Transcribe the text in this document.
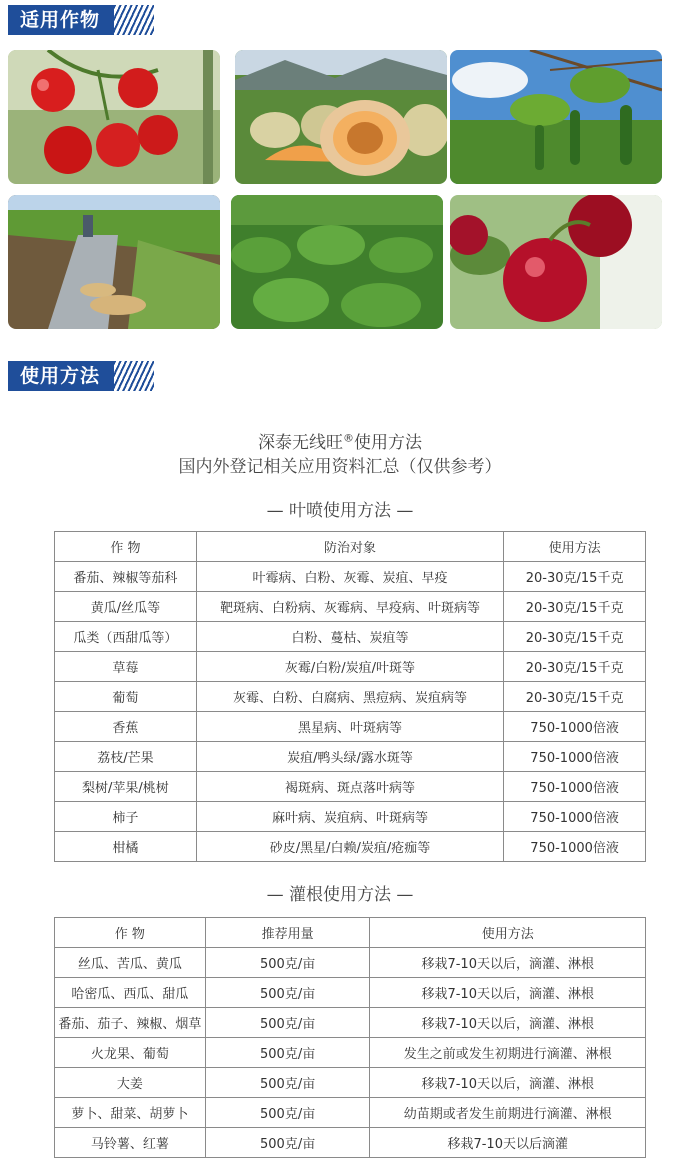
适用作物
使用方法
深泰无线旺®使用方法
国内外登记相关应用资料汇总（仅供参考）
— 叶喷使用方法 —
作 物	防治对象	使用方法
番茄、辣椒等茄科	叶霉病、白粉、灰霉、炭疽、早疫	20-30克/15千克
黄瓜/丝瓜等	靶斑病、白粉病、灰霉病、早疫病、叶斑病等	20-30克/15千克
瓜类（西甜瓜等）	白粉、蔓枯、炭疽等	20-30克/15千克
草莓	灰霉/白粉/炭疽/叶斑等	20-30克/15千克
葡萄	灰霉、白粉、白腐病、黑痘病、炭疽病等	20-30克/15千克
香蕉	黑星病、叶斑病等	750-1000倍液
荔枝/芒果	炭疽/鸭头绿/露水斑等	750-1000倍液
梨树/苹果/桃树	褐斑病、斑点落叶病等	750-1000倍液
柿子	麻叶病、炭疽病、叶斑病等	750-1000倍液
柑橘	砂皮/黑星/白赖/炭疽/疮痂等	750-1000倍液
— 灌根使用方法 —
作 物	推荐用量	使用方法
丝瓜、苦瓜、黄瓜	500克/亩	移栽7-10天以后，滴灌、淋根
哈密瓜、西瓜、甜瓜	500克/亩	移栽7-10天以后，滴灌、淋根
番茄、茄子、辣椒、烟草	500克/亩	移栽7-10天以后，滴灌、淋根
火龙果、葡萄	500克/亩	发生之前或发生初期进行滴灌、淋根
大姜	500克/亩	移栽7-10天以后，滴灌、淋根
萝卜、甜菜、胡萝卜	500克/亩	幼苗期或者发生前期进行滴灌、淋根
马铃薯、红薯	500克/亩	移栽7-10天以后滴灌
